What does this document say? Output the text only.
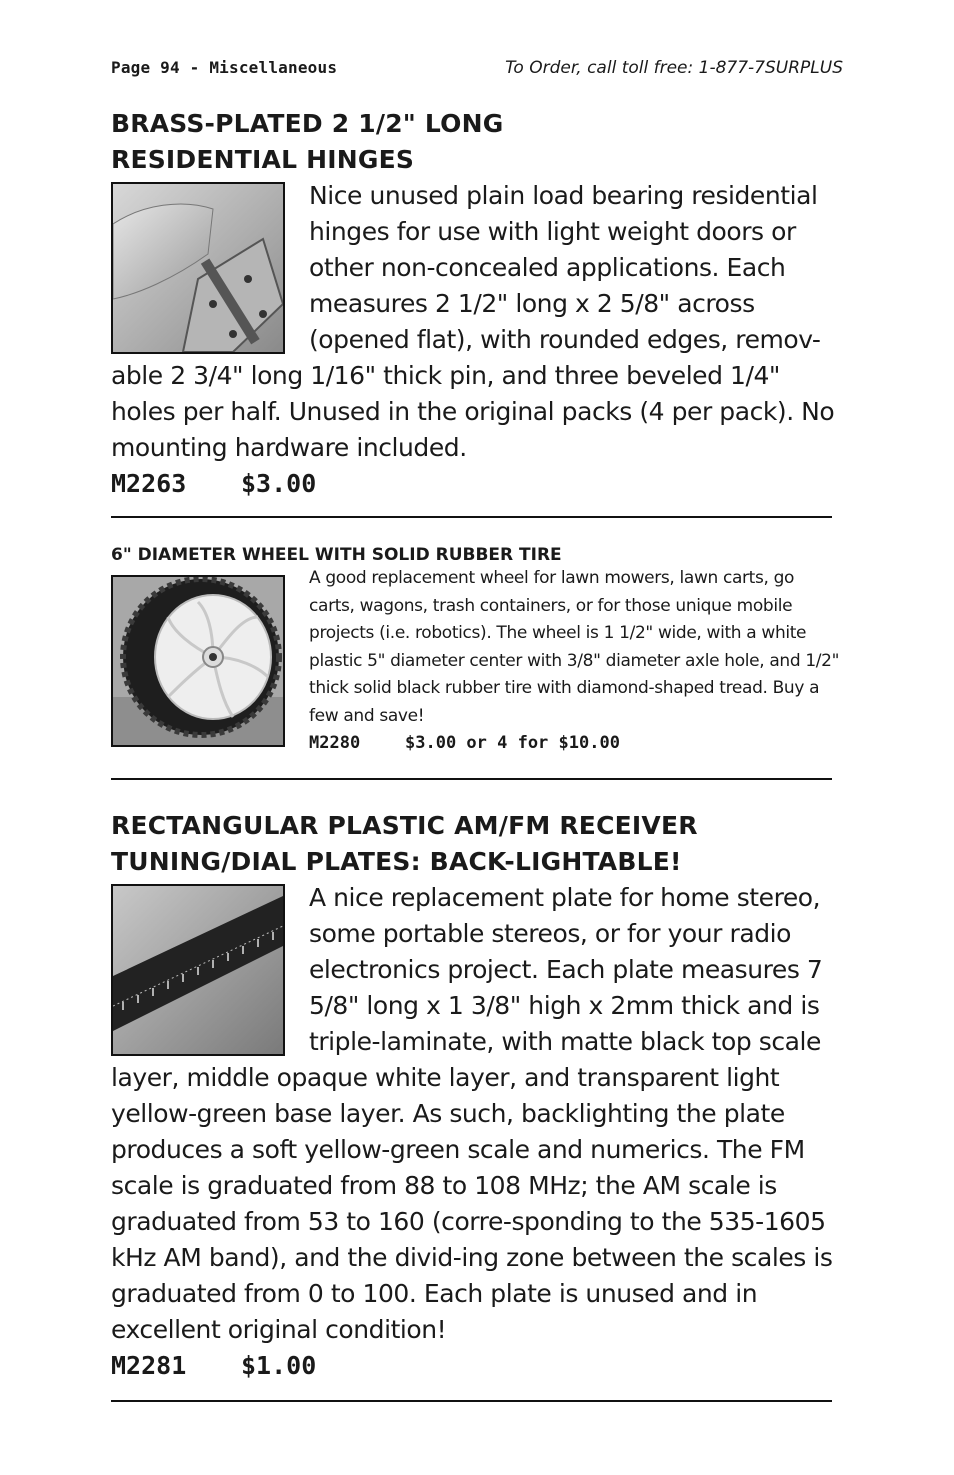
Page 94 - Miscellaneous	To Order, call toll free: 1-877-7SURPLUS

BRASS-PLATED 2 1/2" LONG

RESIDENTIAL HINGES

Nice unused plain load bearing residential hinges for use with light weight doors or other non-concealed applications. Each measures 2 1/2" long x 2 5/8" across (opened flat), with rounded edges, remov-able 2 3/4" long 1/16" thick pin, and three beveled 1/4" holes per half. Unused in the original packs (4 per pack). No mounting hardware included.

M2263 $3.00

6" DIAMETER WHEEL WITH SOLID RUBBER TIRE

A good replacement wheel for lawn mowers, lawn carts, go carts, wagons, trash containers, or for those unique mobile projects (i.e. robotics). The wheel is 1 1/2" wide, with a white plastic 5" diameter center with 3/8" diameter axle hole, and 1/2" thick solid black rubber tire with diamond-shaped tread. Buy a few and save!

M2280	$3.00 or 4 for $10.00

RECTANGULAR PLASTIC AM/FM RECEIVER

TUNING/DIAL PLATES: BACK-LIGHTABLE!

A nice replacement plate for home stereo, some portable stereos, or for your radio electronics project. Each plate measures 7 5/8" long x 1 3/8" high x 2mm thick and is triple-laminate, with matte black top scale layer, middle opaque white layer, and transparent light yellow-green base layer. As such, backlighting the plate produces a soft yellow-green scale and numerics. The FM scale is graduated from 88 to 108 MHz; the AM scale is graduated from 53 to 160 (corre-sponding to the 535-1605 kHz AM band), and the divid-ing zone between the scales is graduated from 0 to 100. Each plate is unused and in excellent original condition!

M2281 $1.00
